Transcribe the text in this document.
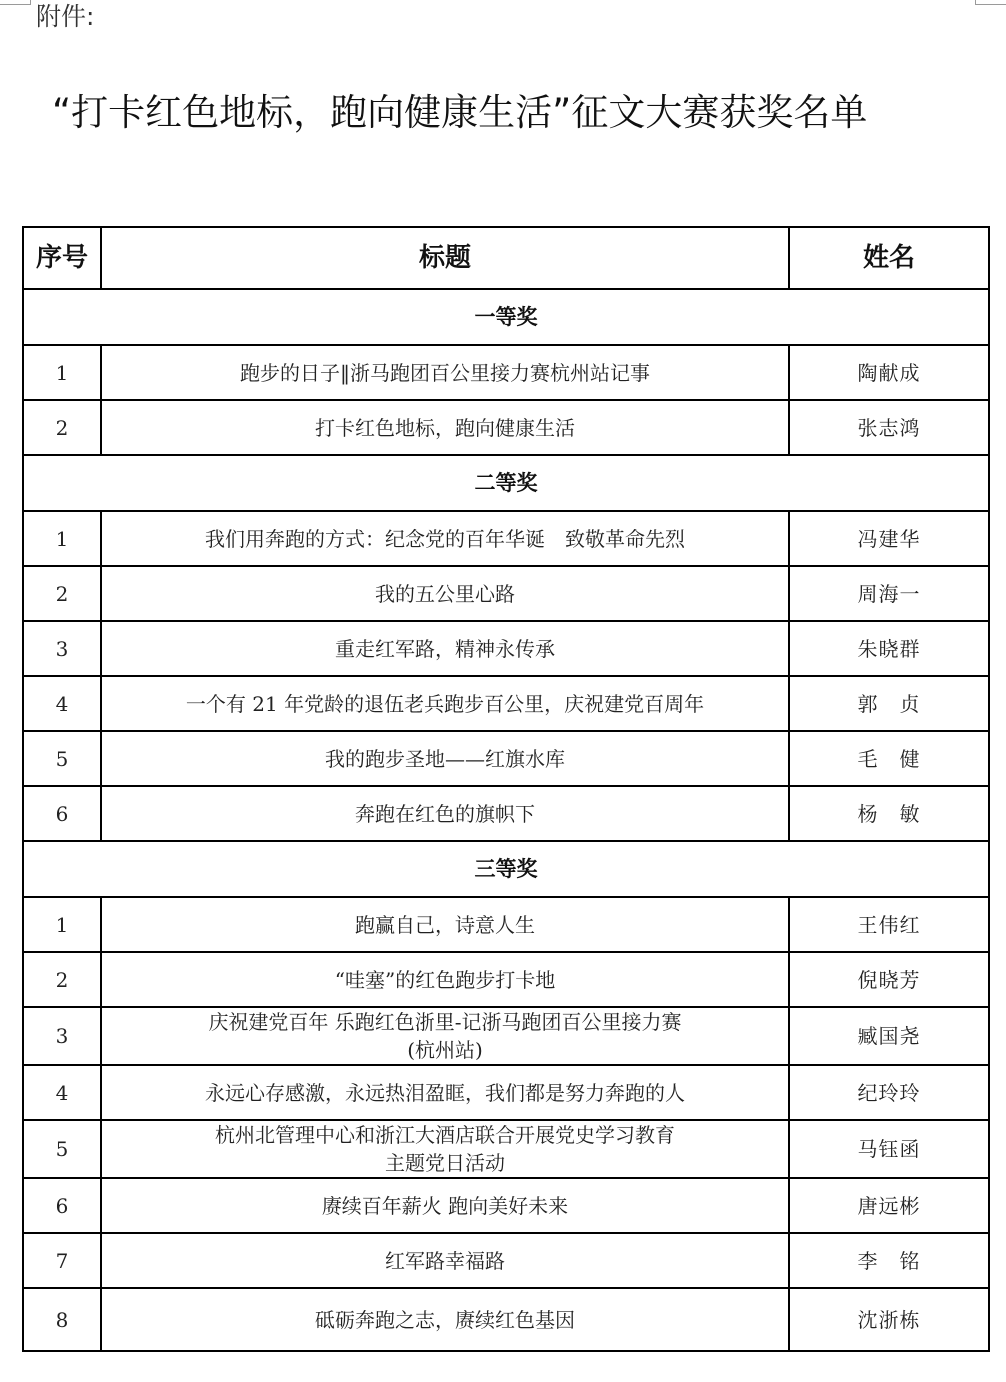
附件:
“打卡红色地标，跑向健康生活”征文大赛获奖名单
序号	标题	姓名
一等奖		
1	跑步的日子‖浙马跑团百公里接力赛杭州站记事	陶献成
2	打卡红色地标，跑向健康生活	张志鸿
二等奖		
1	我们用奔跑的方式：纪念党的百年华诞　致敬革命先烈	冯建华
2	我的五公里心路	周海一
3	重走红军路，精神永传承	朱晓群
4	一个有 21 年党龄的退伍老兵跑步百公里，庆祝建党百周年	郭　贞
5	我的跑步圣地——红旗水库	毛　健
6	奔跑在红色的旗帜下	杨　敏
三等奖		
1	跑赢自己，诗意人生	王伟红
2	“哇塞”的红色跑步打卡地	倪晓芳
3	庆祝建党百年 乐跑红色浙里-记浙马跑团百公里接力赛
(杭州站)	臧国尧
4	永远心存感激，永远热泪盈眶，我们都是努力奔跑的人	纪玲玲
5	杭州北管理中心和浙江大酒店联合开展党史学习教育
主题党日活动	马钰函
6	赓续百年薪火 跑向美好未来	唐远彬
7	红军路幸福路	李　铭
8	砥砺奔跑之志，赓续红色基因	沈浙栋
